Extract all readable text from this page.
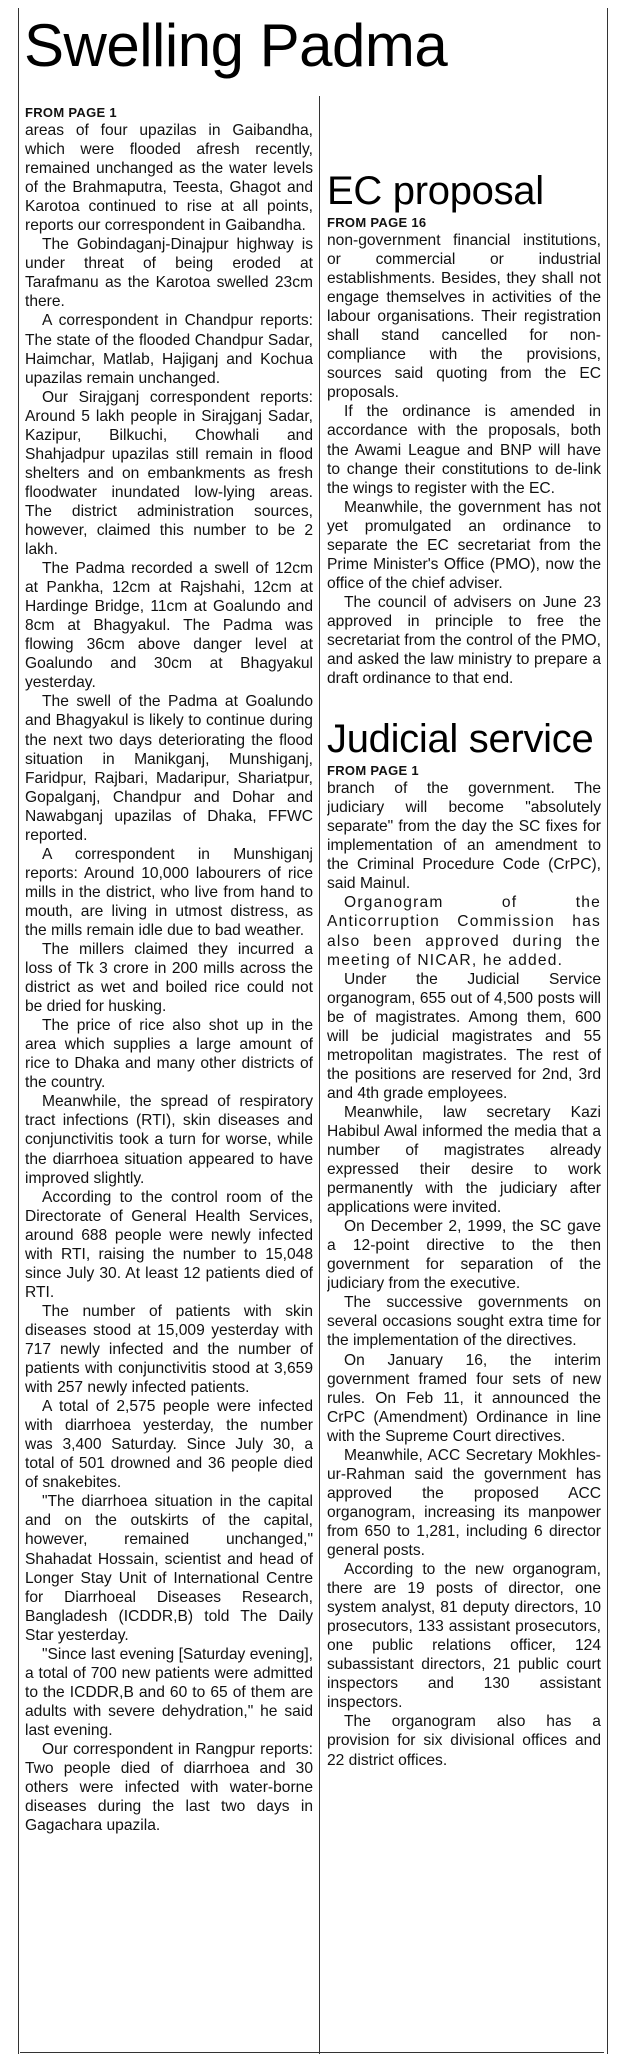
Swelling Padma
FROM PAGE 1

areas of four upazilas in Gaibandha, which were flooded afresh recently, remained unchanged as the water levels of the Brahmaputra, Teesta, Ghagot and Karotoa continued to rise at all points, reports our correspondent in Gaibandha.

The Gobindaganj-Dinajpur highway is under threat of being eroded at Tarafmanu as the Karotoa swelled 23cm there.

A correspondent in Chandpur reports: The state of the flooded Chandpur Sadar, Haimchar, Matlab, Hajiganj and Kochua upazilas remain unchanged.

Our Sirajganj correspondent reports: Around 5 lakh people in Sirajganj Sadar, Kazipur, Bilkuchi, Chowhali and Shahjadpur upazilas still remain in flood shelters and on embankments as fresh floodwater inundated low-lying areas. The district administration sources, however, claimed this number to be 2 lakh.

The Padma recorded a swell of 12cm at Pankha, 12cm at Rajshahi, 12cm at Hardinge Bridge, 11cm at Goalundo and 8cm at Bhagyakul. The Padma was flowing 36cm above danger level at Goalundo and 30cm at Bhagyakul yesterday.

The swell of the Padma at Goalundo and Bhagyakul is likely to continue during the next two days deteriorating the flood situation in Manikganj, Munshiganj, Faridpur, Rajbari, Madaripur, Shariatpur, Gopalganj, Chandpur and Dohar and Nawabganj upazilas of Dhaka, FFWC reported.

A correspondent in Munshiganj reports: Around 10,000 labourers of rice mills in the district, who live from hand to mouth, are living in utmost distress, as the mills remain idle due to bad weather.

The millers claimed they incurred a loss of Tk 3 crore in 200 mills across the district as wet and boiled rice could not be dried for husking.

The price of rice also shot up in the area which supplies a large amount of rice to Dhaka and many other districts of the country.

Meanwhile, the spread of respiratory tract infections (RTI), skin diseases and conjunctivitis took a turn for worse, while the diarrhoea situation appeared to have improved slightly.

According to the control room of the Directorate of General Health Services, around 688 people were newly infected with RTI, raising the number to 15,048 since July 30. At least 12 patients died of RTI.

The number of patients with skin diseases stood at 15,009 yesterday with 717 newly infected and the number of patients with conjunctivitis stood at 3,659 with 257 newly infected patients.

A total of 2,575 people were infected with diarrhoea yesterday, the number was 3,400 Saturday. Since July 30, a total of 501 drowned and 36 people died of snakebites.

"The diarrhoea situation in the capital and on the outskirts of the capital, however, remained unchanged," Shahadat Hossain, scientist and head of Longer Stay Unit of International Centre for Diarrhoeal Diseases Research, Bangladesh (ICDDR,B) told The Daily Star yesterday.

"Since last evening [Saturday evening], a total of 700 new patients were admitted to the ICDDR,B and 60 to 65 of them are adults with severe dehydration," he said last evening.

Our correspondent in Rangpur reports: Two people died of diarrhoea and 30 others were infected with water-borne diseases during the last two days in Gagachara upazila.

EC proposal
FROM PAGE 16

non-government financial institutions, or commercial or industrial establishments. Besides, they shall not engage themselves in activities of the labour organisations. Their registration shall stand cancelled for non-compliance with the provisions, sources said quoting from the EC proposals.

If the ordinance is amended in accordance with the proposals, both the Awami League and BNP will have to change their constitutions to de-link the wings to register with the EC.

Meanwhile, the government has not yet promulgated an ordinance to separate the EC secretariat from the Prime Minister's Office (PMO), now the office of the chief adviser.

The council of advisers on June 23 approved in principle to free the secretariat from the control of the PMO, and asked the law ministry to prepare a draft ordinance to that end.

Judicial service
FROM PAGE 1

branch of the government. The judiciary will become "absolutely separate" from the day the SC fixes for implementation of an amendment to the Criminal Procedure Code (CrPC), said Mainul.

Organogram of the Anticorruption Commission has also been approved during the meeting of NICAR, he added.

Under the Judicial Service organogram, 655 out of 4,500 posts will be of magistrates. Among them, 600 will be judicial magistrates and 55 metropolitan magistrates. The rest of the positions are reserved for 2nd, 3rd and 4th grade employees.

Meanwhile, law secretary Kazi Habibul Awal informed the media that a number of magistrates already expressed their desire to work permanently with the judiciary after applications were invited.

On December 2, 1999, the SC gave a 12-point directive to the then government for separation of the judiciary from the executive.

The successive governments on several occasions sought extra time for the implementation of the directives.

On January 16, the interim government framed four sets of new rules. On Feb 11, it announced the CrPC (Amendment) Ordinance in line with the Supreme Court directives.

Meanwhile, ACC Secretary Mokhles-ur-Rahman said the government has approved the proposed ACC organogram, increasing its manpower from 650 to 1,281, including 6 director general posts.

According to the new organogram, there are 19 posts of director, one system analyst, 81 deputy directors, 10 prosecutors, 133 assistant prosecutors, one public relations officer, 124 subassistant directors, 21 public court inspectors and 130 assistant inspectors.

The organogram also has a provision for six divisional offices and 22 district offices.
